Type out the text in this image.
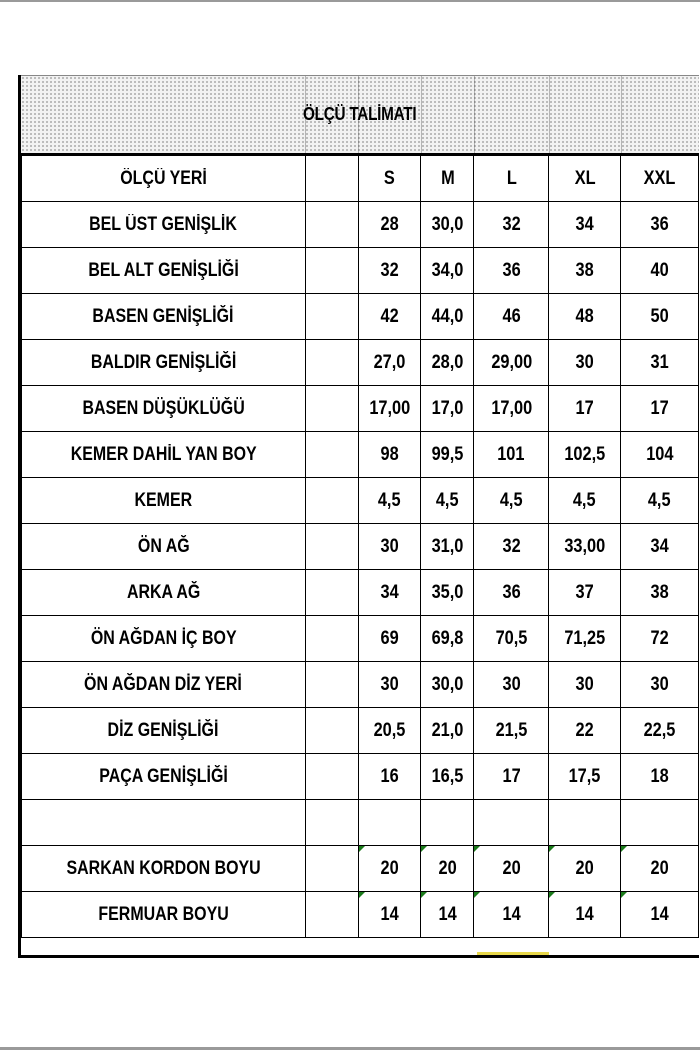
ÖLÇÜ TALİMATI
ÖLÇÜ YERİ		S	M	L	XL	XXL
BEL ÜST GENİŞLİK		28	30,0	32	34	36
BEL ALT GENİŞLİĞİ		32	34,0	36	38	40
BASEN GENİŞLİĞİ		42	44,0	46	48	50
BALDIR GENİŞLİĞİ		27,0	28,0	29,00	30	31
BASEN DÜŞÜKLÜĞÜ		17,00	17,0	17,00	17	17
KEMER DAHİL YAN BOY		98	99,5	101	102,5	104
KEMER		4,5	4,5	4,5	4,5	4,5
ÖN AĞ		30	31,0	32	33,00	34
ARKA AĞ		34	35,0	36	37	38
ÖN AĞDAN İÇ BOY		69	69,8	70,5	71,25	72
ÖN AĞDAN DİZ YERİ		30	30,0	30	30	30
DİZ GENİŞLİĞİ		20,5	21,0	21,5	22	22,5
PAÇA GENİŞLİĞİ		16	16,5	17	17,5	18

SARKAN KORDON BOYU		20	20	20	20	20
FERMUAR BOYU		14	14	14	14	14
